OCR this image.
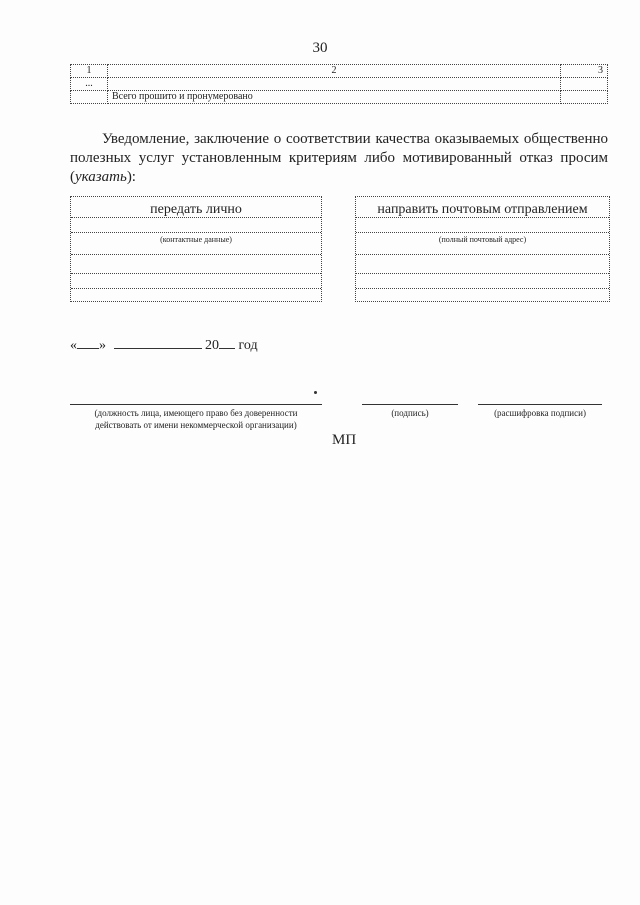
30
1	2	3
...		
	Всего прошито и пронумеровано	
Уведомление, заключение о соответствии качества оказываемых общественно полезных услуг установленным критериям либо мотивированный отказ просим (указать):
передать лично
(контактные данные)
направить почтовым отправлением
(полный почтовый адрес)
« »	20 год
(должность лица, имеющего право без доверенности
действовать от имени некоммерческой организации)
(подпись)	(расшифровка подписи)
МП
